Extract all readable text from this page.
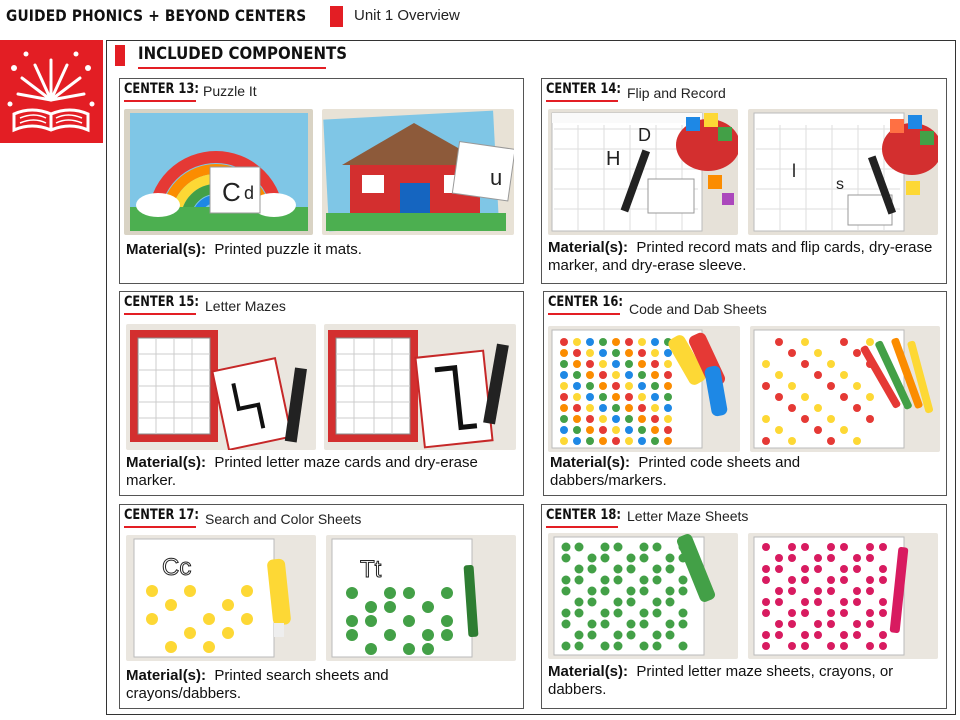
GUIDED PHONICS + BEYOND CENTERS	Unit 1 Overview
INCLUDED COMPONENTS
CENTER 13: Puzzle It
C d
u
Material(s): Printed puzzle it mats.
CENTER 14: Flip and Record
H
D
l
s
Material(s): Printed record mats and flip cards, dry-erase marker, and dry-erase sleeve.
CENTER 15: Letter Mazes
Material(s): Printed letter maze cards and dry-erase marker.
CENTER 16: Code and Dab Sheets
Material(s): Printed code sheets and dabbers/markers.
CENTER 17: Search and Color Sheets
Cc	Tt
Material(s): Printed search sheets and crayons/dabbers.
CENTER 18: Letter Maze Sheets
Material(s): Printed letter maze sheets, crayons, or dabbers.
